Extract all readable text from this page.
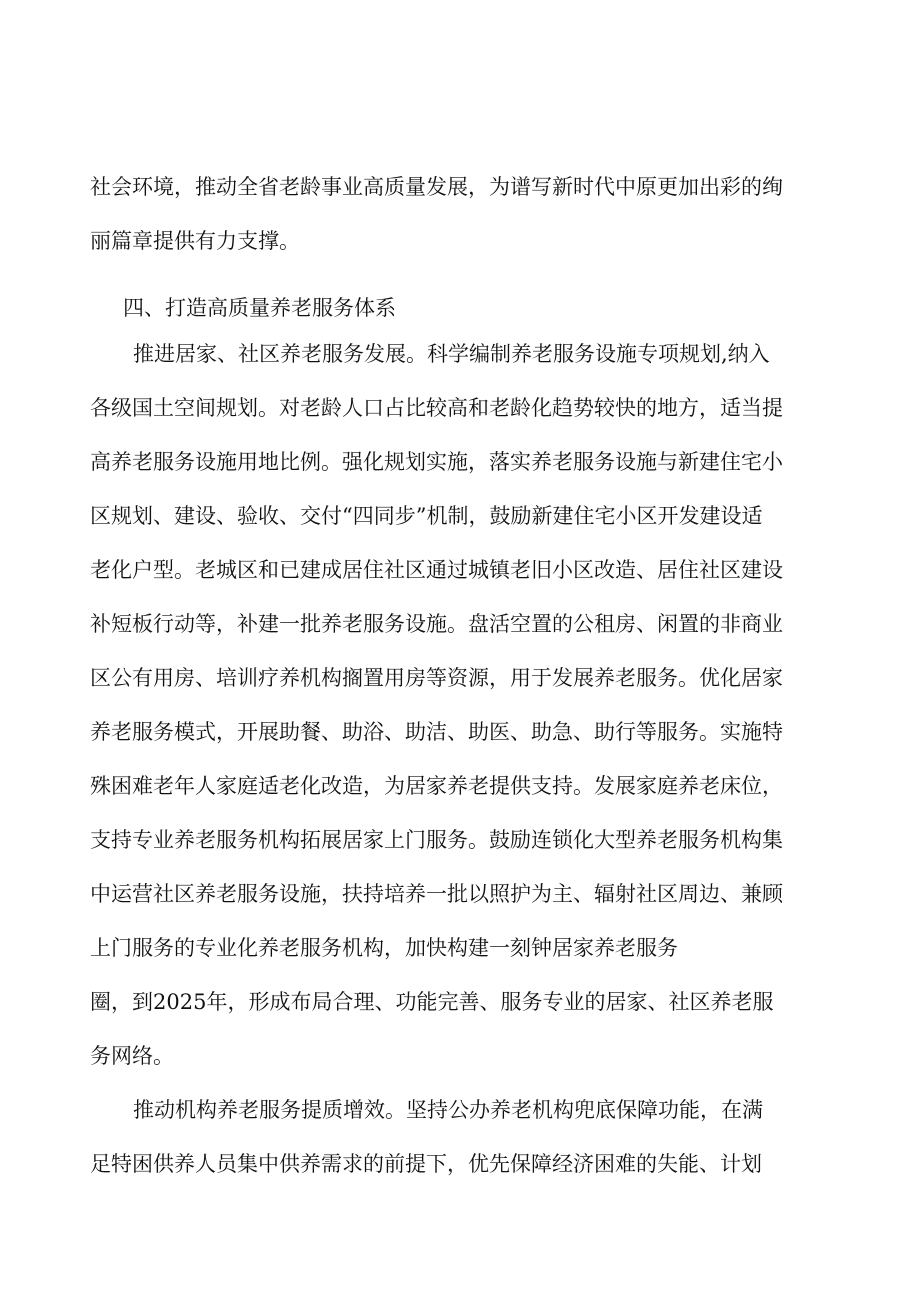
社会环境，推动全省老龄事业高质量发展，为谱写新时代中原更加出彩的绚
丽篇章提供有力支撑。
四、打造高质量养老服务体系
推进居家、社区养老服务发展。科学编制养老服务设施专项规划,纳入
各级国土空间规划。对老龄人口占比较高和老龄化趋势较快的地方，适当提
高养老服务设施用地比例。强化规划实施，落实养老服务设施与新建住宅小
区规划、建设、验收、交付“四同步”机制，鼓励新建住宅小区开发建设适
老化户型。老城区和已建成居住社区通过城镇老旧小区改造、居住社区建设
补短板行动等，补建一批养老服务设施。盘活空置的公租房、闲置的非商业
区公有用房、培训疗养机构搁置用房等资源，用于发展养老服务。优化居家
养老服务模式，开展助餐、助浴、助洁、助医、助急、助行等服务。实施特
殊困难老年人家庭适老化改造，为居家养老提供支持。发展家庭养老床位，
支持专业养老服务机构拓展居家上门服务。鼓励连锁化大型养老服务机构集
中运营社区养老服务设施，扶持培养一批以照护为主、辐射社区周边、兼顾
上门服务的专业化养老服务机构，加快构建一刻钟居家养老服务
圈，到2025年，形成布局合理、功能完善、服务专业的居家、社区养老服
务网络。
推动机构养老服务提质增效。坚持公办养老机构兜底保障功能，在满
足特困供养人员集中供养需求的前提下，优先保障经济困难的失能、计划
